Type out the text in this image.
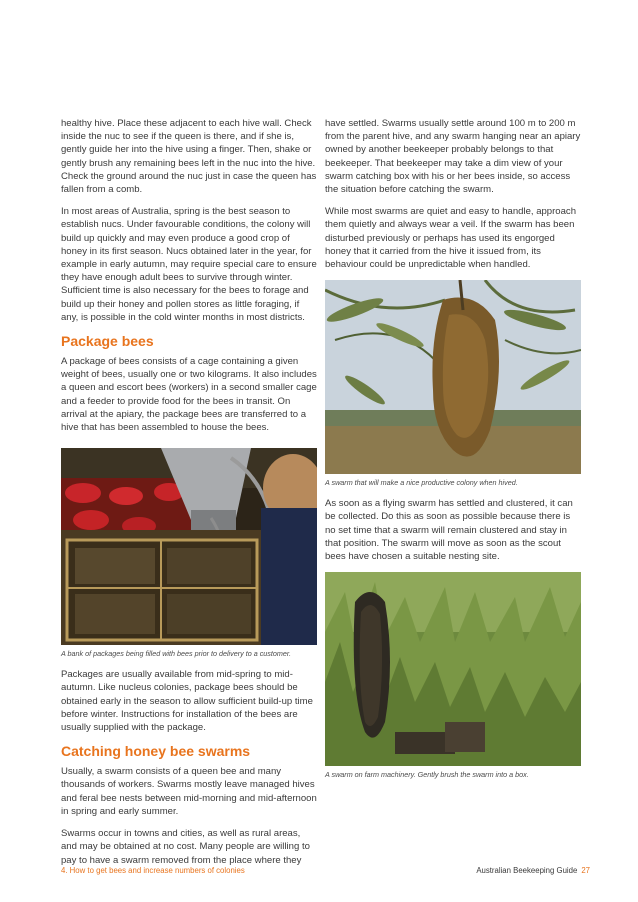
healthy hive. Place these adjacent to each hive wall. Check inside the nuc to see if the queen is there, and if she is, gently guide her into the hive using a finger. Then, shake or gently brush any remaining bees left in the nuc into the hive. Check the ground around the nuc just in case the queen has fallen from a comb.

In most areas of Australia, spring is the best season to establish nucs. Under favourable conditions, the colony will build up quickly and may even produce a good crop of honey in its first season. Nucs obtained later in the year, for example in early autumn, may require special care to ensure they have enough adult bees to survive through winter. Sufficient time is also necessary for the bees to forage and build up their honey and pollen stores as little foraging, if any, is possible in the cold winter months in most districts.

Package bees

A package of bees consists of a cage containing a given weight of bees, usually one or two kilograms. It also includes a queen and escort bees (workers) in a second smaller cage and a feeder to provide food for the bees in transit. On arrival at the apiary, the package bees are transferred to a hive that has been assembled to house the bees.

A bank of packages being filled with bees prior to delivery to a customer.

Packages are usually available from mid-spring to mid-autumn. Like nucleus colonies, package bees should be obtained early in the season to allow sufficient build-up time before winter. Instructions for installation of the bees are usually supplied with the package.

Catching honey bee swarms

Usually, a swarm consists of a queen bee and many thousands of workers. Swarms mostly leave managed hives and feral bee nests between mid-morning and mid-afternoon in spring and early summer.

Swarms occur in towns and cities, as well as rural areas, and may be obtained at no cost. Many people are willing to pay to have a swarm removed from the place where they

have settled. Swarms usually settle around 100 m to 200 m from the parent hive, and any swarm hanging near an apiary owned by another beekeeper probably belongs to that beekeeper. That beekeeper may take a dim view of your swarm catching box with his or her bees inside, so access the situation before catching the swarm.

While most swarms are quiet and easy to handle, approach them quietly and always wear a veil. If the swarm has been disturbed previously or perhaps has used its engorged honey that it carried from the hive it issued from, its behaviour could be unpredictable when handled.

A swarm that will make a nice productive colony when hived.

As soon as a flying swarm has settled and clustered, it can be collected. Do this as soon as possible because there is no set time that a swarm will remain clustered and stay in that position. The swarm will move as soon as the scout bees have chosen a suitable nesting site.

A swarm on farm machinery. Gently brush the swarm into a box.
4. How to get bees and increase numbers of colonies	Australian Beekeeping Guide 27
